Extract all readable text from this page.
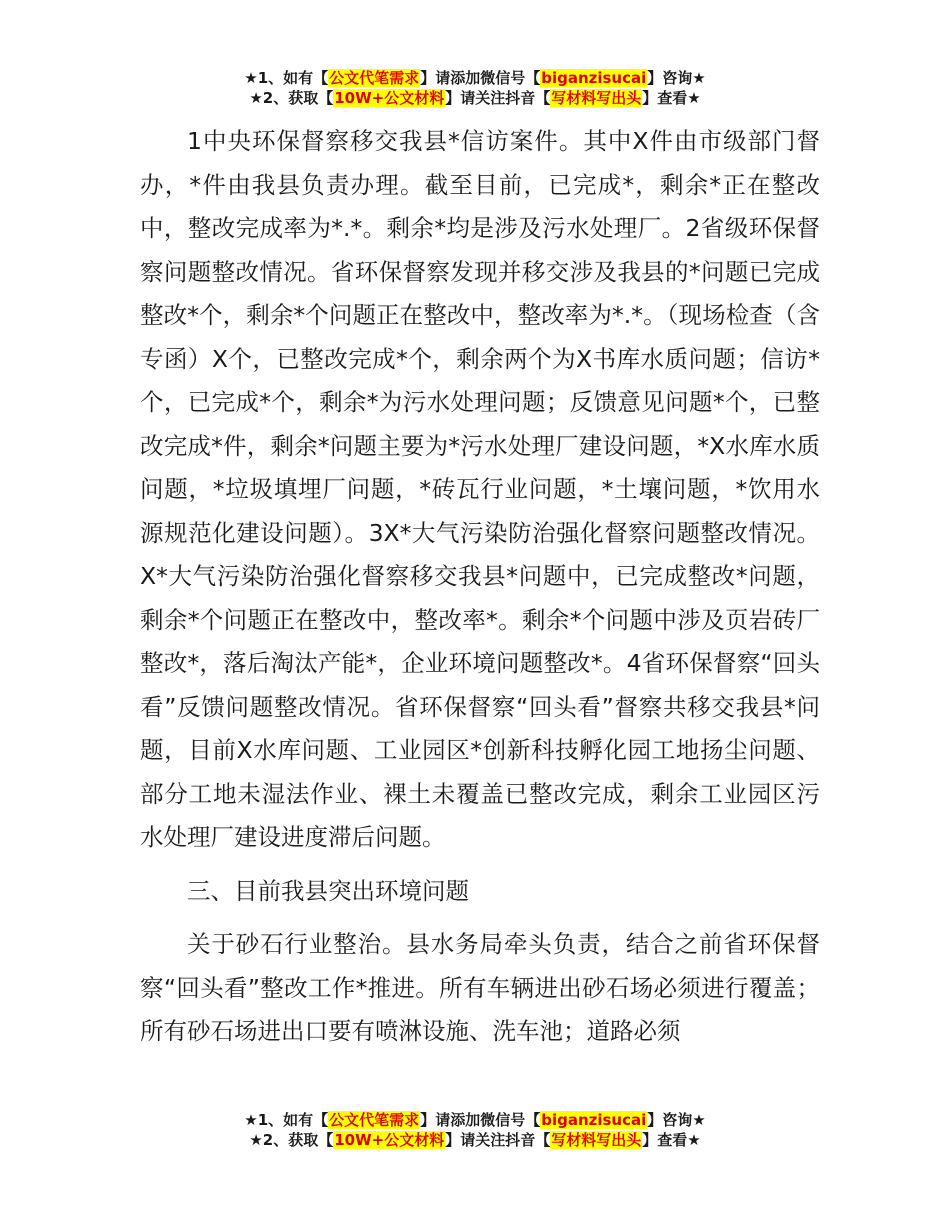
★1、如有【公文代笔需求】请添加微信号【biganzisucai】咨询★
★2、获取【10W+公文材料】请关注抖音【写材料写出头】查看★

1中央环保督察移交我县*信访案件。其中X件由市级部门督办，*件由我县负责办理。截至目前，已完成*，剩余*正在整改中，整改完成率为*.*。剩余*均是涉及污水处理厂。2省级环保督察问题整改情况。省环保督察发现并移交涉及我县的*问题已完成整改*个，剩余*个问题正在整改中，整改率为*.*。（现场检查（含专函）X个，已整改完成*个，剩余两个为X书库水质问题；信访*个，已完成*个，剩余*为污水处理问题；反馈意见问题*个，已整改完成*件，剩余*问题主要为*污水处理厂建设问题，*X水库水质问题，*垃圾填埋厂问题，*砖瓦行业问题，*土壤问题，*饮用水源规范化建设问题）。3X*大气污染防治强化督察问题整改情况。X*大气污染防治强化督察移交我县*问题中，已完成整改*问题，剩余*个问题正在整改中，整改率*。剩余*个问题中涉及页岩砖厂整改*，落后淘汰产能*，企业环境问题整改*。4省环保督察“回头看”反馈问题整改情况。省环保督察“回头看”督察共移交我县*问题，目前X水库问题、工业园区*创新科技孵化园工地扬尘问题、部分工地未湿法作业、裸土未覆盖已整改完成，剩余工业园区污水处理厂建设进度滞后问题。

三、目前我县突出环境问题

关于砂石行业整治。县水务局牵头负责，结合之前省环保督察“回头看”整改工作*推进。所有车辆进出砂石场必须进行覆盖；所有砂石场进出口要有喷淋设施、洗车池；道路必须

★1、如有【公文代笔需求】请添加微信号【biganzisucai】咨询★
★2、获取【10W+公文材料】请关注抖音【写材料写出头】查看★
